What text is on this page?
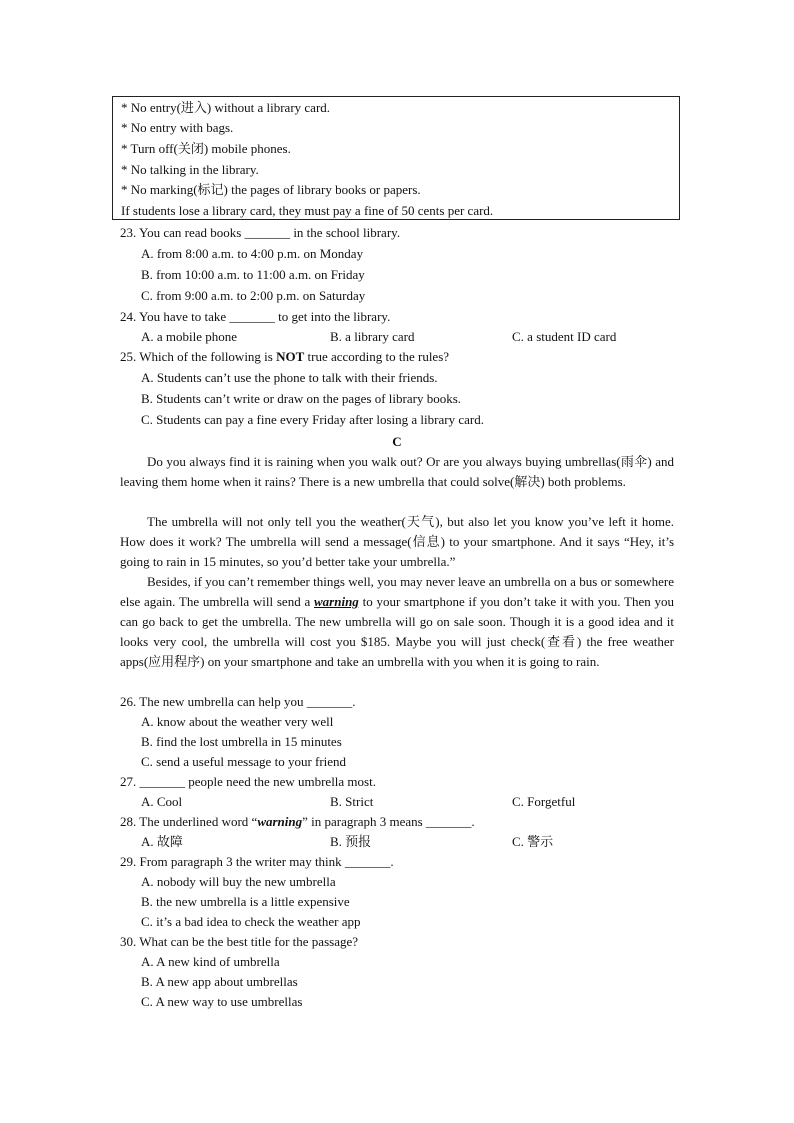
* No entry(进入) without a library card.
* No entry with bags.
* Turn off(关闭) mobile phones.
* No talking in the library.
* No marking(标记) the pages of library books or papers.
If students lose a library card, they must pay a fine of 50 cents per card.
23. You can read books _______ in the school library.
A. from 8:00 a.m. to 4:00 p.m. on Monday
B. from 10:00 a.m. to 11:00 a.m. on Friday
C. from 9:00 a.m. to 2:00 p.m. on Saturday
24. You have to take _______ to get into the library.
A. a mobile phone	B. a library card	C. a student ID card
25. Which of the following is NOT true according to the rules?
A. Students can’t use the phone to talk with their friends.
B. Students can’t write or draw on the pages of library books.
C. Students can pay a fine every Friday after losing a library card.
C

Do you always find it is raining when you walk out? Or are you always buying umbrellas(雨伞) and leaving them home when it rains? There is a new umbrella that could solve(解决) both problems.

The umbrella will not only tell you the weather(天气), but also let you know you’ve left it home. How does it work? The umbrella will send a message(信息) to your smartphone. And it says “Hey, it’s going to rain in 15 minutes, so you’d better take your umbrella.”

Besides, if you can’t remember things well, you may never leave an umbrella on a bus or somewhere else again. The umbrella will send a warning to your smartphone if you don’t take it with you. Then you can go back to get the umbrella. The new umbrella will go on sale soon. Though it is a good idea and it looks very cool, the umbrella will cost you $185. Maybe you will just check(查看) the free weather apps(应用程序) on your smartphone and take an umbrella with you when it is going to rain.

26. The new umbrella can help you _______.
A. know about the weather very well
B. find the lost umbrella in 15 minutes
C. send a useful message to your friend
27. _______ people need the new umbrella most.
A. Cool	B. Strict	C. Forgetful
28. The underlined word “warning” in paragraph 3 means _______.
A. 故障	B. 预报	C. 警示
29. From paragraph 3 the writer may think _______.
A. nobody will buy the new umbrella
B. the new umbrella is a little expensive
C. it’s a bad idea to check the weather app
30. What can be the best title for the passage?
A. A new kind of umbrella
B. A new app about umbrellas
C. A new way to use umbrellas
